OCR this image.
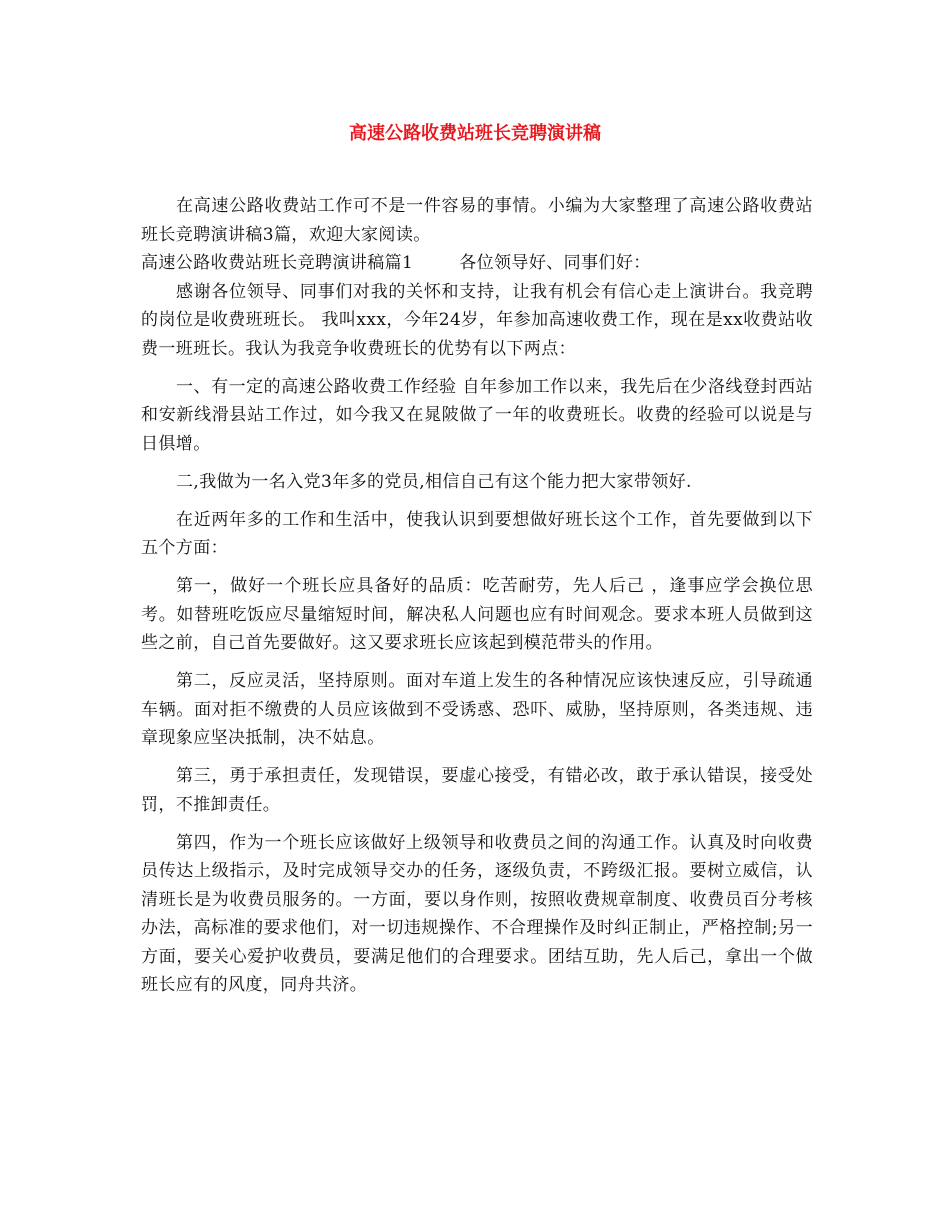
高速公路收费站班长竞聘演讲稿

在高速公路收费站工作可不是一件容易的事情。小编为大家整理了高速公路收费站班长竞聘演讲稿3篇，欢迎大家阅读。

高速公路收费站班长竞聘演讲稿篇1	各位领导好、同事们好：

感谢各位领导、同事们对我的关怀和支持，让我有机会有信心走上演讲台。我竞聘的岗位是收费班班长。 我叫xxx，今年24岁，年参加高速收费工作，现在是xx收费站收费一班班长。我认为我竞争收费班长的优势有以下两点：

一、有一定的高速公路收费工作经验 自年参加工作以来，我先后在少洛线登封西站和安新线滑县站工作过，如今我又在晁陂做了一年的收费班长。收费的经验可以说是与日俱增。

二,我做为一名入党3年多的党员,相信自己有这个能力把大家带领好.

在近两年多的工作和生活中，使我认识到要想做好班长这个工作，首先要做到以下五个方面：

第一，做好一个班长应具备好的品质：吃苦耐劳，先人后己 ，逢事应学会换位思考。如替班吃饭应尽量缩短时间，解决私人问题也应有时间观念。要求本班人员做到这些之前，自己首先要做好。这又要求班长应该起到模范带头的作用。

第二，反应灵活，坚持原则。面对车道上发生的各种情况应该快速反应，引导疏通车辆。面对拒不缴费的人员应该做到不受诱惑、恐吓、威胁，坚持原则，各类违规、违章现象应坚决抵制，决不姑息。

第三，勇于承担责任，发现错误，要虚心接受，有错必改，敢于承认错误，接受处罚，不推卸责任。

第四，作为一个班长应该做好上级领导和收费员之间的沟通工作。认真及时向收费员传达上级指示，及时完成领导交办的任务，逐级负责，不跨级汇报。要树立威信，认清班长是为收费员服务的。一方面，要以身作则，按照收费规章制度、收费员百分考核办法，高标准的要求他们，对一切违规操作、不合理操作及时纠正制止，严格控制;另一方面，要关心爱护收费员，要满足他们的合理要求。团结互助，先人后己，拿出一个做班长应有的风度，同舟共济。
